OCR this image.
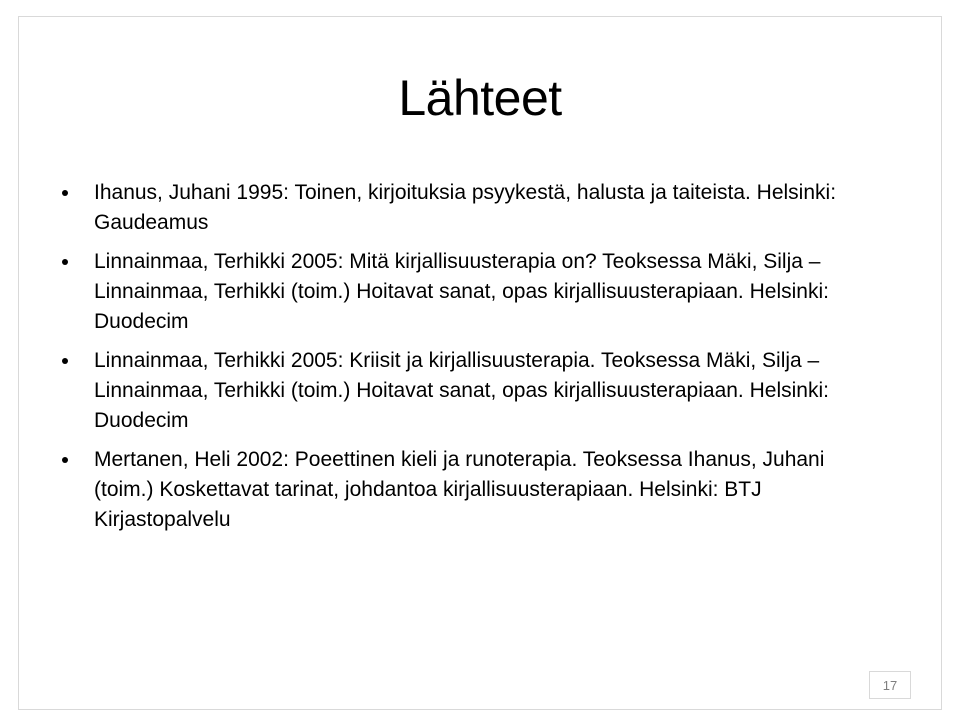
Lähteet
Ihanus, Juhani 1995: Toinen, kirjoituksia psyykestä, halusta ja taiteista. Helsinki: Gaudeamus
Linnainmaa, Terhikki 2005: Mitä kirjallisuusterapia on? Teoksessa Mäki, Silja – Linnainmaa, Terhikki (toim.) Hoitavat sanat, opas kirjallisuusterapiaan. Helsinki: Duodecim
Linnainmaa, Terhikki 2005: Kriisit ja kirjallisuusterapia. Teoksessa Mäki, Silja – Linnainmaa, Terhikki (toim.) Hoitavat sanat, opas kirjallisuusterapiaan. Helsinki: Duodecim
Mertanen, Heli 2002: Poeettinen kieli ja runoterapia. Teoksessa Ihanus, Juhani (toim.) Koskettavat tarinat, johdantoa kirjallisuusterapiaan. Helsinki: BTJ Kirjastopalvelu
17
